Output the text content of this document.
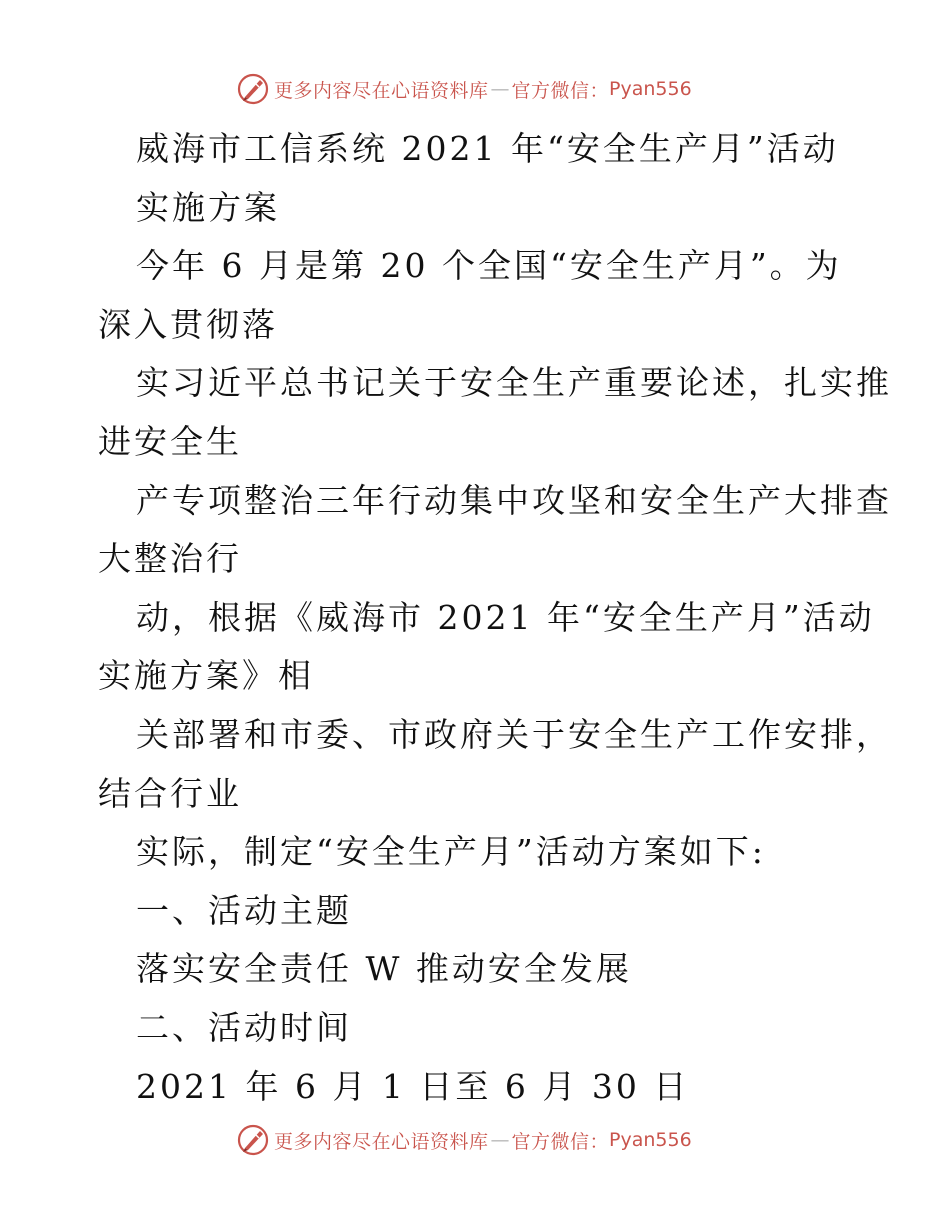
更多内容尽在心语资料库 — 官方微信： Pyan556
威海市工信系统 2021 年“安全生产月”活动
实施方案
今年 6 月是第 20 个全国“安全生产月”。为
深入贯彻落
实习近平总书记关于安全生产重要论述，扎实推
进安全生
产专项整治三年行动集中攻坚和安全生产大排查
大整治行
动，根据《威海市 2021 年“安全生产月”活动
实施方案》相
关部署和市委、市政府关于安全生产工作安排，
结合行业
实际，制定“安全生产月”活动方案如下:
一、活动主题
落实安全责任 W 推动安全发展
二、活动时间
2021 年 6 月 1 日至 6 月 30 日
更多内容尽在心语资料库 — 官方微信： Pyan556
